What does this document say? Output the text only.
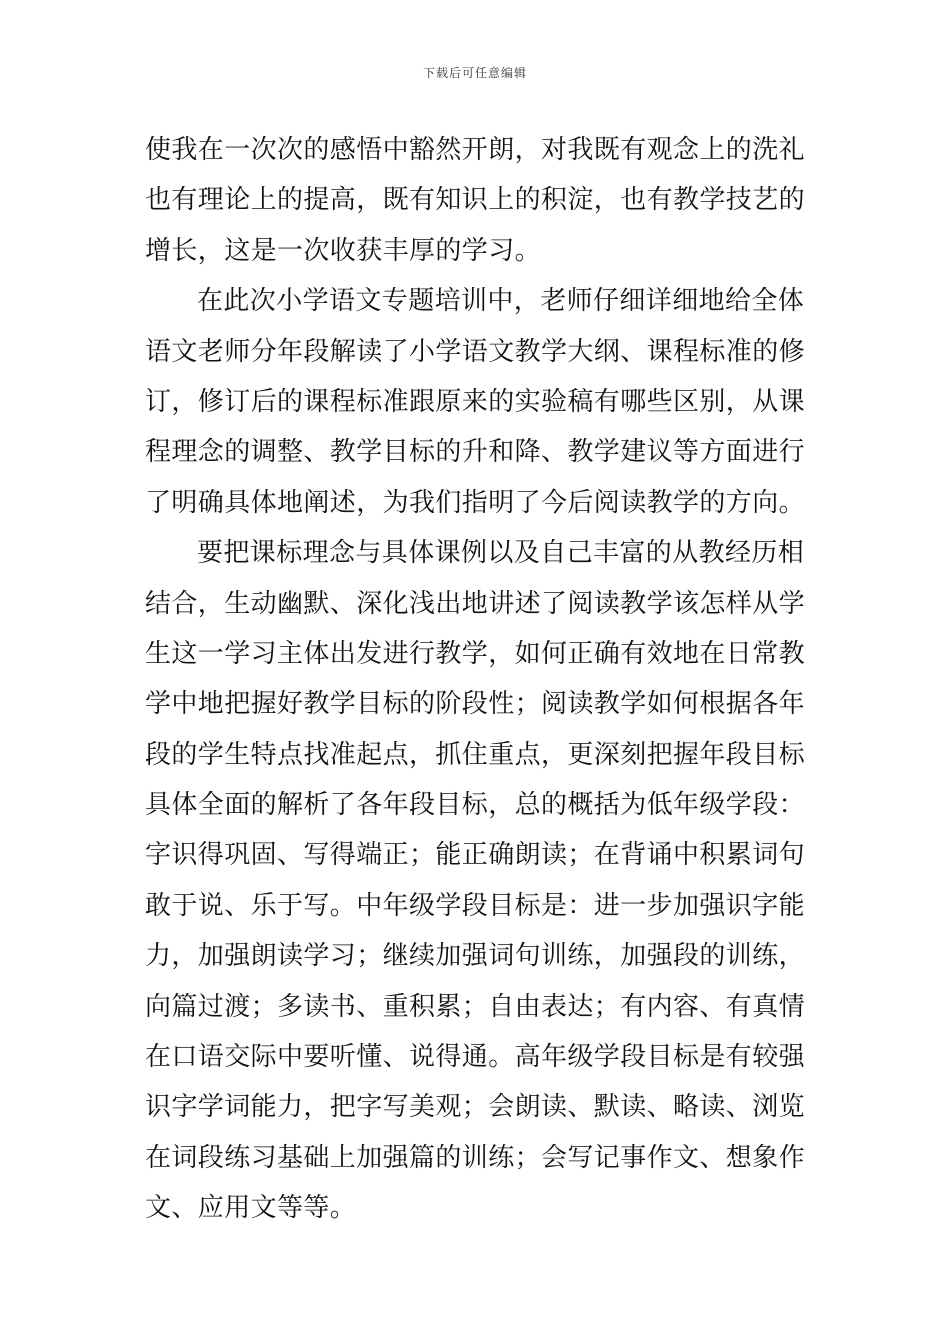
下载后可任意编辑
使我在一次次的感悟中豁然开朗，对我既有观念上的洗礼
也有理论上的提高，既有知识上的积淀，也有教学技艺的
增长，这是一次收获丰厚的学习。
在此次小学语文专题培训中，老师仔细详细地给全体
语文老师分年段解读了小学语文教学大纲、课程标准的修
订，修订后的课程标准跟原来的实验稿有哪些区别，从课
程理念的调整、教学目标的升和降、教学建议等方面进行
了明确具体地阐述，为我们指明了今后阅读教学的方向。
要把课标理念与具体课例以及自己丰富的从教经历相
结合，生动幽默、深化浅出地讲述了阅读教学该怎样从学
生这一学习主体出发进行教学，如何正确有效地在日常教
学中地把握好教学目标的阶段性；阅读教学如何根据各年
段的学生特点找准起点，抓住重点，更深刻把握年段目标
具体全面的解析了各年段目标，总的概括为低年级学段：
字识得巩固、写得端正；能正确朗读；在背诵中积累词句
敢于说、乐于写。中年级学段目标是：进一步加强识字能
力，加强朗读学习；继续加强词句训练，加强段的训练，
向篇过渡；多读书、重积累；自由表达；有内容、有真情
在口语交际中要听懂、说得通。高年级学段目标是有较强
识字学词能力，把字写美观；会朗读、默读、略读、浏览
在词段练习基础上加强篇的训练；会写记事作文、想象作
文、应用文等等。
